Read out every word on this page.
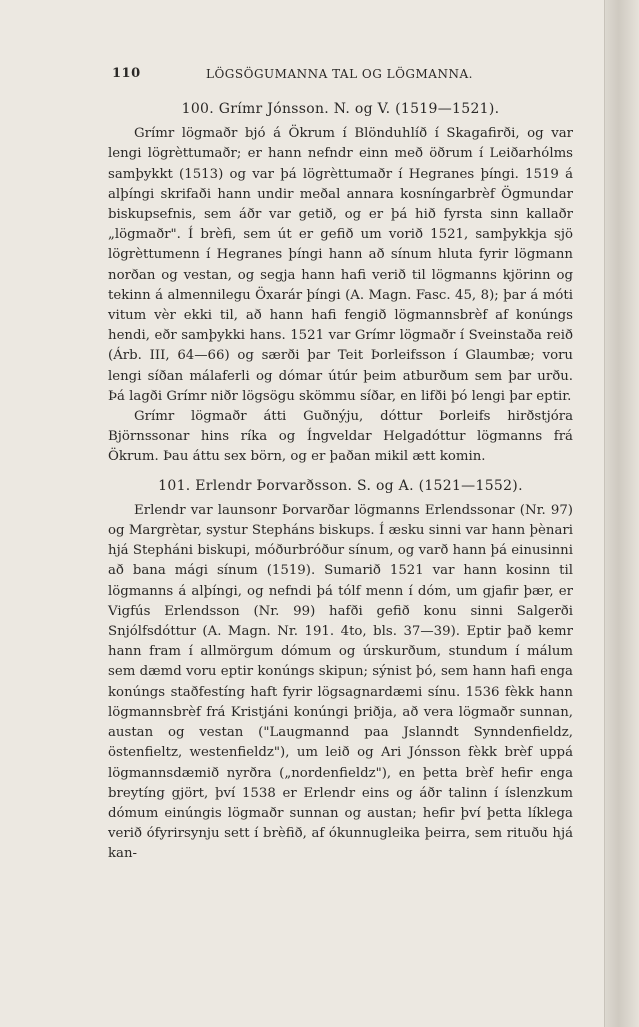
110	LÖGSÖGUMANNA TAL OG LÖGMANNA.

100. Grímr Jónsson. N. og V. (1519—1521).

Grímr lögmaðr bjó á Ökrum í Blönduhlíð í Skagafirði, og var lengi lögrèttumaðr; er hann nefndr einn með öðrum í Leiðarhólms samþykkt (1513) og var þá lögrèttumaðr í Hegranes þíngi. 1519 á alþíngi skrifaði hann undir meðal annara kosníngarbrèf Ögmundar biskupsefnis, sem áðr var getið, og er þá hið fyrsta sinn kallaðr „lögmaðr". Í brèfi, sem út er gefið um vorið 1521, samþykkja sjö lögrèttumenn í Hegranes þíngi hann að sínum hluta fyrir lögmann norðan og vestan, og segja hann hafi verið til lögmanns kjörinn og tekinn á almennilegu Öxarár þíngi (A. Magn. Fasc. 45, 8); þar á móti vitum vèr ekki til, að hann hafi fengið lögmannsbrèf af konúngs hendi, eðr samþykki hans. 1521 var Grímr lögmaðr í Sveinstaða reið (Árb. III, 64—66) og særði þar Teit Þorleifsson í Glaumbæ; voru lengi síðan málaferli og dómar útúr þeim atburðum sem þar urðu. Þá lagði Grímr niðr lögsögu skömmu síðar, en lifði þó lengi þar eptir.

Grímr lögmaðr átti Guðnýju, dóttur Þorleifs hirðstjóra Björnssonar hins ríka og Íngveldar Helgadóttur lögmanns frá Ökrum. Þau áttu sex börn, og er þaðan mikil ætt komin.

101. Erlendr Þorvarðsson. S. og A. (1521—1552).

Erlendr var launsonr Þorvarðar lögmanns Erlendssonar (Nr. 97) og Margrètar, systur Stepháns biskups. Í æsku sinni var hann þènari hjá Stepháni biskupi, móðurbróður sínum, og varð hann þá einusinni að bana mági sínum (1519). Sumarið 1521 var hann kosinn til lögmanns á alþíngi, og nefndi þá tólf menn í dóm, um gjafir þær, er Vigfús Erlendsson (Nr. 99) hafði gefið konu sinni Salgerði Snjólfsdóttur (A. Magn. Nr. 191. 4to, bls. 37—39). Eptir það kemr hann fram í allmörgum dómum og úrskurðum, stundum í málum sem dæmd voru eptir konúngs skipun; sýnist þó, sem hann hafi enga konúngs staðfestíng haft fyrir lögsagnardæmi sínu. 1536 fèkk hann lögmannsbrèf frá Kristjáni konúngi þriðja, að vera lögmaðr sunnan, austan og vestan ("Laugmannd paa Jslanndt Synndenfieldz, östenfieltz, westenfieldz"), um leið og Ari Jónsson fèkk brèf uppá lögmannsdæmið nyrðra („nordenfieldz"), en þetta brèf hefir enga breytíng gjört, því 1538 er Erlendr eins og áðr talinn í íslenzkum dómum einúngis lögmaðr sunnan og austan; hefir því þetta líklega verið ófyrirsynju sett í brèfið, af ókunnugleika þeirra, sem rituðu hjá kan-
